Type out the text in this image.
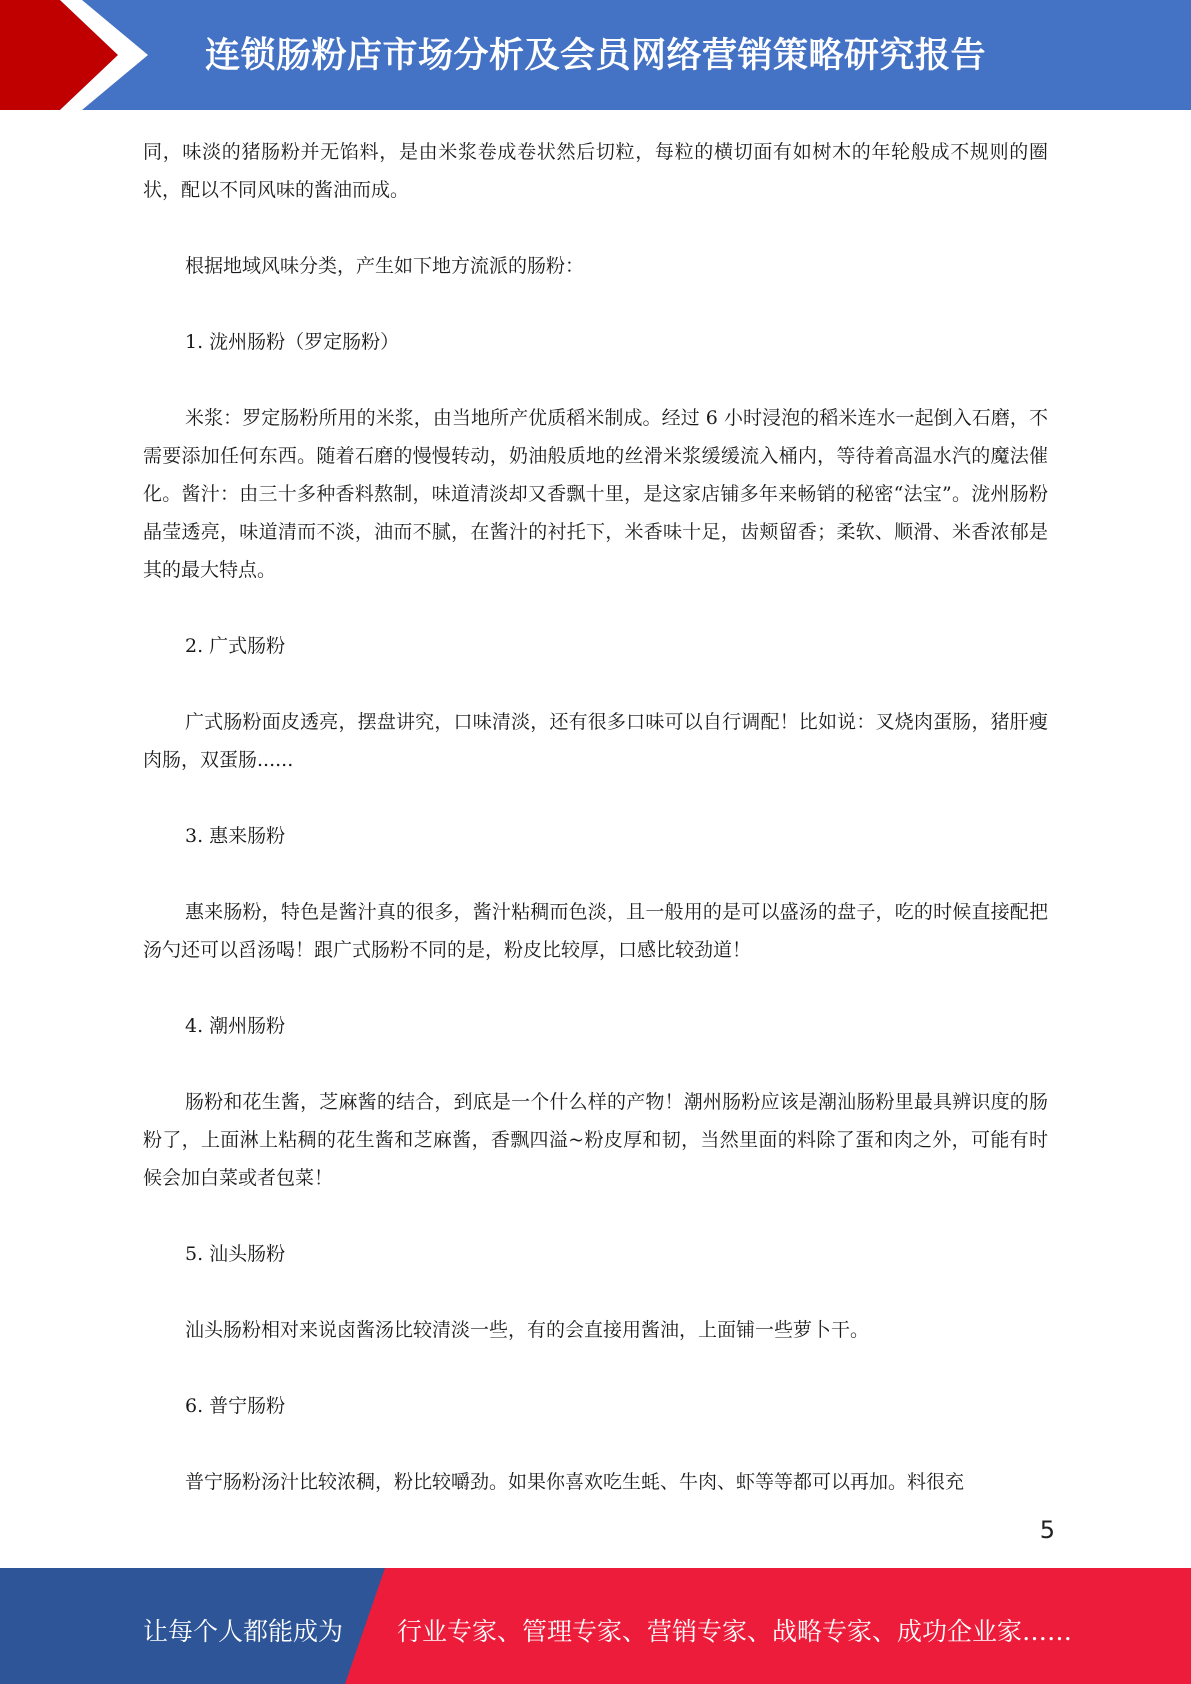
连锁肠粉店市场分析及会员网络营销策略研究报告

同，味淡的猪肠粉并无馅料，是由米浆卷成卷状然后切粒，每粒的横切面有如树木的年轮般成不规则的圈状，配以不同风味的酱油而成。

根据地域风味分类，产生如下地方流派的肠粉：

1. 泷州肠粉（罗定肠粉）

米浆：罗定肠粉所用的米浆，由当地所产优质稻米制成。经过 6 小时浸泡的稻米连水一起倒入石磨，不需要添加任何东西。随着石磨的慢慢转动，奶油般质地的丝滑米浆缓缓流入桶内，等待着高温水汽的魔法催化。酱汁：由三十多种香料熬制，味道清淡却又香飘十里，是这家店铺多年来畅销的秘密“法宝”。泷州肠粉晶莹透亮，味道清而不淡，油而不腻，在酱汁的衬托下，米香味十足，齿颊留香；柔软、顺滑、米香浓郁是其的最大特点。

2. 广式肠粉

广式肠粉面皮透亮，摆盘讲究，口味清淡，还有很多口味可以自行调配！比如说：叉烧肉蛋肠，猪肝瘦肉肠，双蛋肠......

3. 惠来肠粉

惠来肠粉，特色是酱汁真的很多，酱汁粘稠而色淡，且一般用的是可以盛汤的盘子，吃的时候直接配把汤勺还可以舀汤喝！跟广式肠粉不同的是，粉皮比较厚，口感比较劲道！

4. 潮州肠粉

肠粉和花生酱，芝麻酱的结合，到底是一个什么样的产物！潮州肠粉应该是潮汕肠粉里最具辨识度的肠粉了，上面淋上粘稠的花生酱和芝麻酱，香飘四溢~粉皮厚和韧，当然里面的料除了蛋和肉之外，可能有时候会加白菜或者包菜！

5. 汕头肠粉

汕头肠粉相对来说卤酱汤比较清淡一些，有的会直接用酱油，上面铺一些萝卜干。

6. 普宁肠粉

普宁肠粉汤汁比较浓稠，粉比较嚼劲。如果你喜欢吃生蚝、牛肉、虾等等都可以再加。料很充

5
让每个人都能成为 行业专家、管理专家、营销专家、战略专家、成功企业家……
